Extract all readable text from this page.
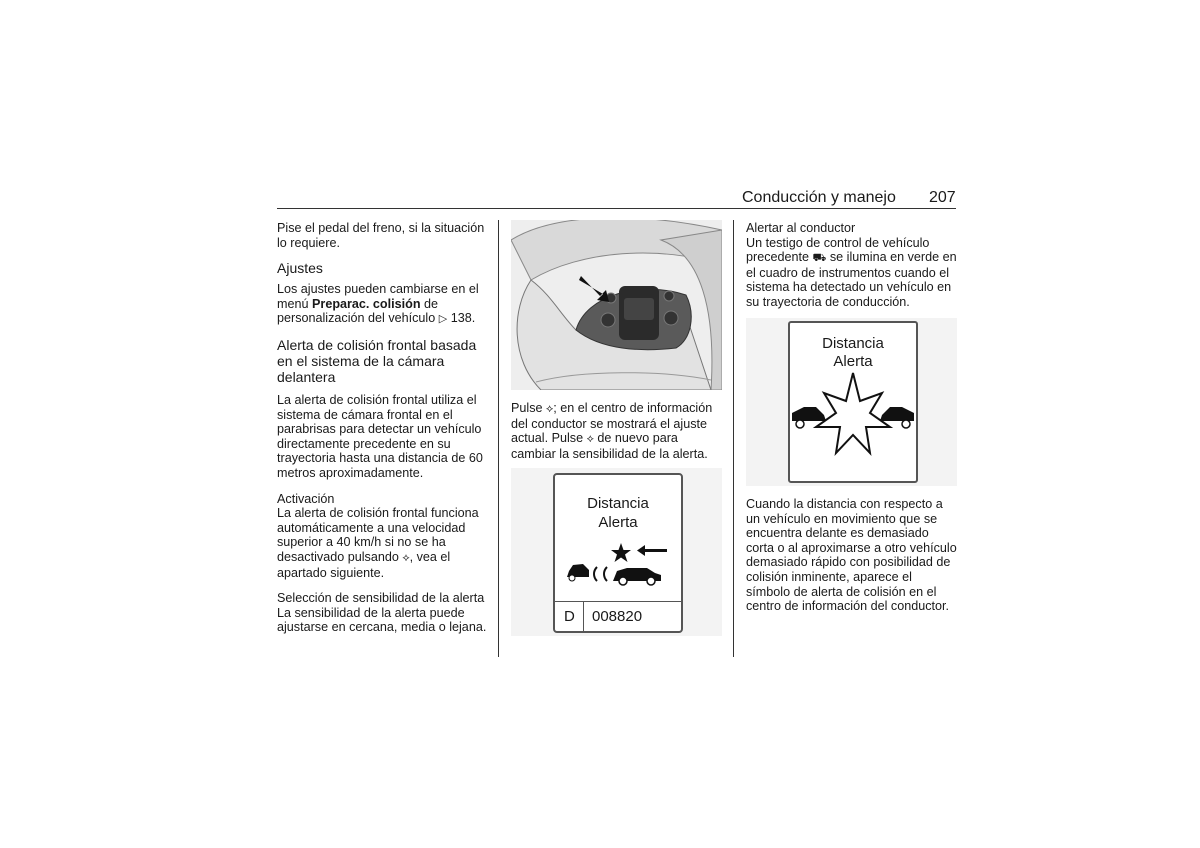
Conducción y manejo 207

Pise el pedal del freno, si la situación lo requiere.

Ajustes

Los ajustes pueden cambiarse en el menú Preparac. colisión de personalización del vehículo ▷ 138.

Alerta de colisión frontal basada en el sistema de la cámara delantera

La alerta de colisión frontal utiliza el sistema de cámara frontal en el parabrisas para detectar un vehículo directamente precedente en su trayectoria hasta una distancia de 60 metros aproximadamente.

Activación

La alerta de colisión frontal funciona automáticamente a una velocidad superior a 40 km/h si no se ha desactivado pulsando ⟡, vea el apartado siguiente.

Selección de sensibilidad de la alerta

La sensibilidad de la alerta puede ajustarse en cercana, media o lejana.

Pulse ⟡; en el centro de información del conductor se mostrará el ajuste actual. Pulse ⟡ de nuevo para cambiar la sensibilidad de la alerta.

Distancia
Alerta
D 008820

Alertar al conductor

Un testigo de control de vehículo precedente ⛟ se ilumina en verde en el cuadro de instrumentos cuando el sistema ha detectado un vehículo en su trayectoria de conducción.

Distancia
Alerta

Cuando la distancia con respecto a un vehículo en movimiento que se encuentra delante es demasiado corta o al aproximarse a otro vehículo demasiado rápido con posibilidad de colisión inminente, aparece el símbolo de alerta de colisión en el centro de información del conductor.
